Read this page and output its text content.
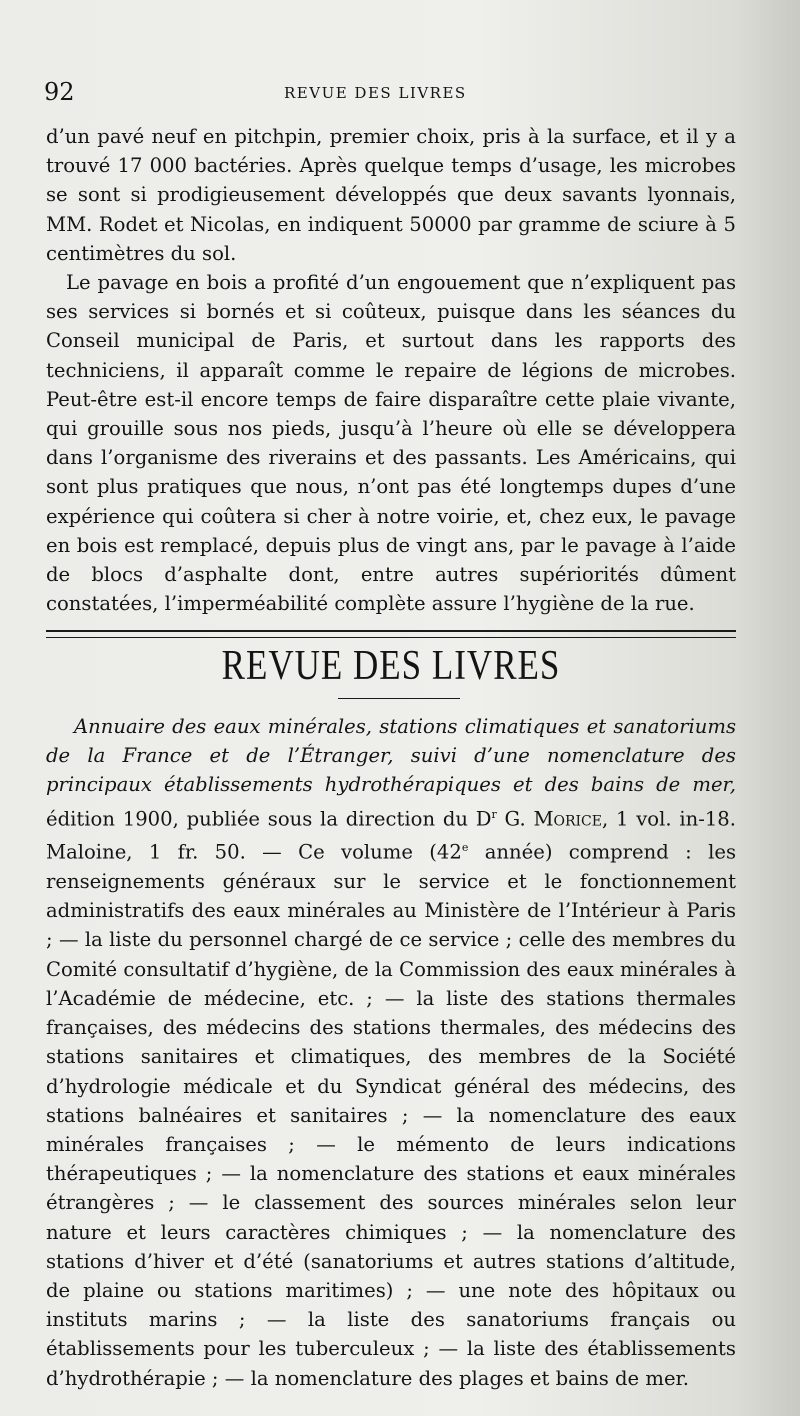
92	REVUE DES LIVRES

d’un pavé neuf en pitchpin, premier choix, pris à la surface, et il y a trouvé 17 000 bactéries. Après quelque temps d’usage, les microbes se sont si prodigieusement développés que deux savants lyonnais, MM. Rodet et Nicolas, en indiquent 50000 par gramme de sciure à 5 centimètres du sol.

Le pavage en bois a profité d’un engouement que n’expliquent pas ses services si bornés et si coûteux, puisque dans les séances du Conseil municipal de Paris, et surtout dans les rapports des techniciens, il apparaît comme le repaire de légions de microbes. Peut-être est-il encore temps de faire disparaître cette plaie vivante, qui grouille sous nos pieds, jusqu’à l’heure où elle se développera dans l’organisme des riverains et des passants. Les Américains, qui sont plus pratiques que nous, n’ont pas été longtemps dupes d’une expérience qui coûtera si cher à notre voirie, et, chez eux, le pavage en bois est remplacé, depuis plus de vingt ans, par le pavage à l’aide de blocs d’asphalte dont, entre autres supériorités dûment constatées, l’imperméabilité complète assure l’hygiène de la rue.

REVUE DES LIVRES

Annuaire des eaux minérales, stations climatiques et sanatoriums de la France et de l’Étranger, suivi d’une nomenclature des principaux établissements hydrothérapiques et des bains de mer, édition 1900, publiée sous la direction du $D^r$ G. Morice, 1 vol. in-18. Maloine, 1 fr. 50. — Ce volume (42e année) comprend : les renseignements généraux sur le service et le fonctionnement administratifs des eaux minérales au Ministère de l’Intérieur à Paris ; — la liste du personnel chargé de ce service ; celle des membres du Comité consultatif d’hygiène, de la Commission des eaux minérales à l’Académie de médecine, etc. ; — la liste des stations thermales françaises, des médecins des stations thermales, des médecins des stations sanitaires et climatiques, des membres de la Société d’hydrologie médicale et du Syndicat général des médecins, des stations balnéaires et sanitaires ; — la nomenclature des eaux minérales françaises ; — le mémento de leurs indications thérapeutiques ; — la nomenclature des stations et eaux minérales étrangères ; — le classement des sources minérales selon leur nature et leurs caractères chimiques ; — la nomenclature des stations d’hiver et d’été (sanatoriums et autres stations d’altitude, de plaine ou stations maritimes) ; — une note des hôpitaux ou instituts marins ; — la liste des sanatoriums français ou établissements pour les tuberculeux ; — la liste des établissements d’hydrothérapie ; — la nomenclature des plages et bains de mer.
